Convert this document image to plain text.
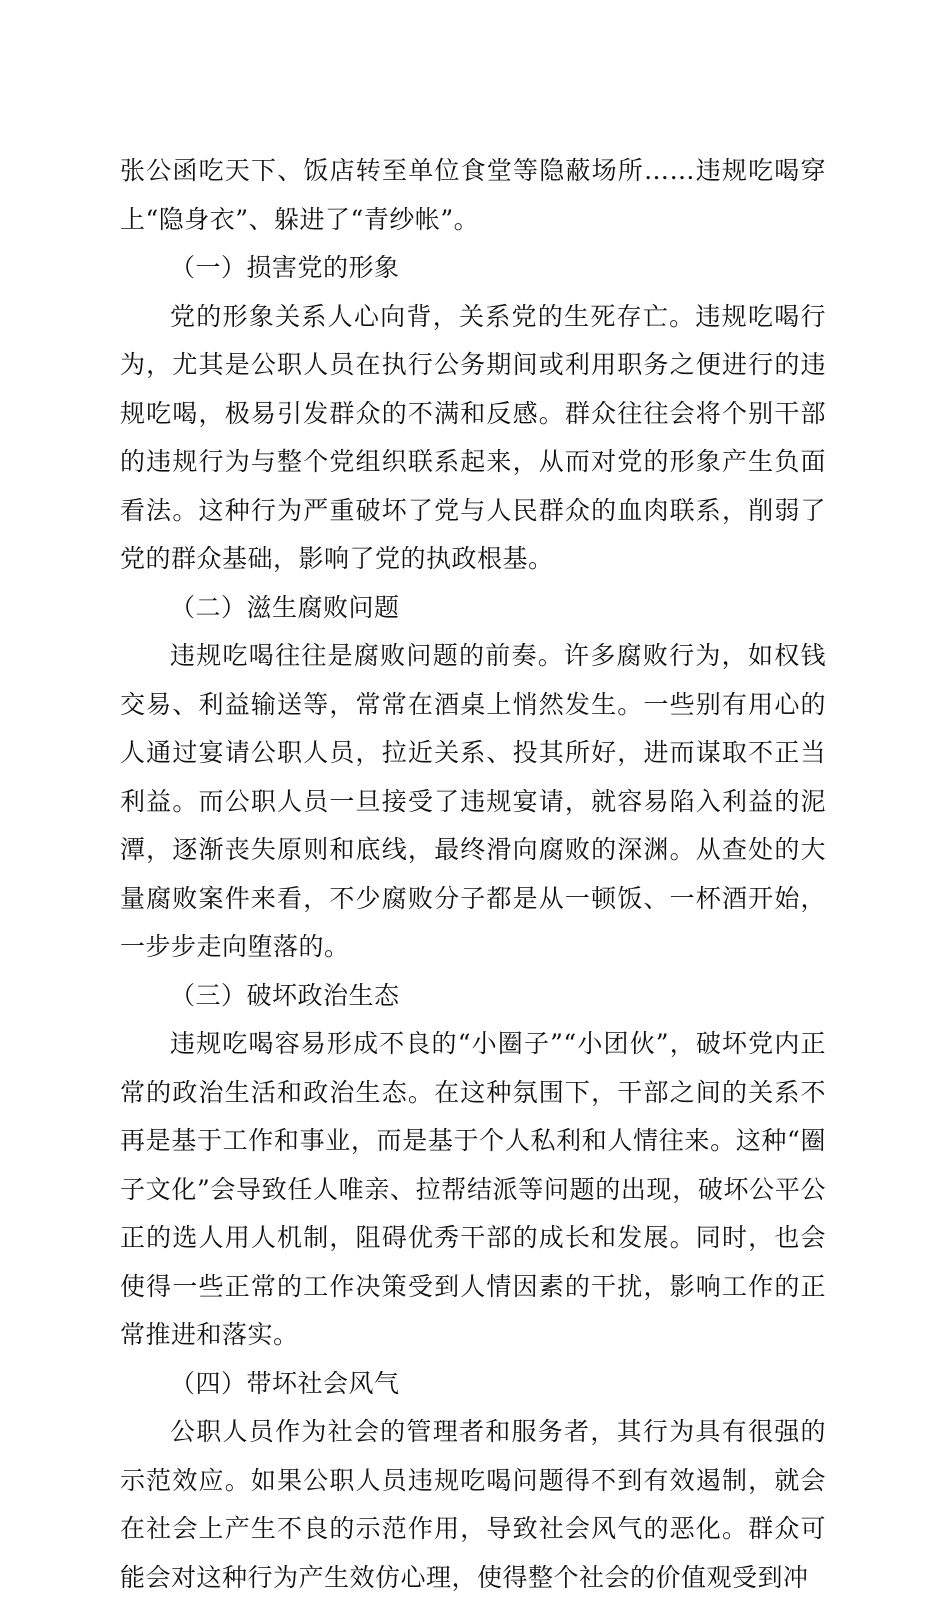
张公函吃天下、饭店转至单位食堂等隐蔽场所……违规吃喝穿上“隐身衣”、躲进了“青纱帐”。

（一）损害党的形象

党的形象关系人心向背，关系党的生死存亡。违规吃喝行为，尤其是公职人员在执行公务期间或利用职务之便进行的违规吃喝，极易引发群众的不满和反感。群众往往会将个别干部的违规行为与整个党组织联系起来，从而对党的形象产生负面看法。这种行为严重破坏了党与人民群众的血肉联系，削弱了党的群众基础，影响了党的执政根基。

（二）滋生腐败问题

违规吃喝往往是腐败问题的前奏。许多腐败行为，如权钱交易、利益输送等，常常在酒桌上悄然发生。一些别有用心的人通过宴请公职人员，拉近关系、投其所好，进而谋取不正当利益。而公职人员一旦接受了违规宴请，就容易陷入利益的泥潭，逐渐丧失原则和底线，最终滑向腐败的深渊。从查处的大量腐败案件来看，不少腐败分子都是从一顿饭、一杯酒开始，一步步走向堕落的。

（三）破坏政治生态

违规吃喝容易形成不良的“小圈子”“小团伙”，破坏党内正常的政治生活和政治生态。在这种氛围下，干部之间的关系不再是基于工作和事业，而是基于个人私利和人情往来。这种“圈子文化”会导致任人唯亲、拉帮结派等问题的出现，破坏公平公正的选人用人机制，阻碍优秀干部的成长和发展。同时，也会使得一些正常的工作决策受到人情因素的干扰，影响工作的正常推进和落实。

（四）带坏社会风气

公职人员作为社会的管理者和服务者，其行为具有很强的示范效应。如果公职人员违规吃喝问题得不到有效遏制，就会在社会上产生不良的示范作用，导致社会风气的恶化。群众可能会对这种行为产生效仿心理，使得整个社会的价值观受到冲
